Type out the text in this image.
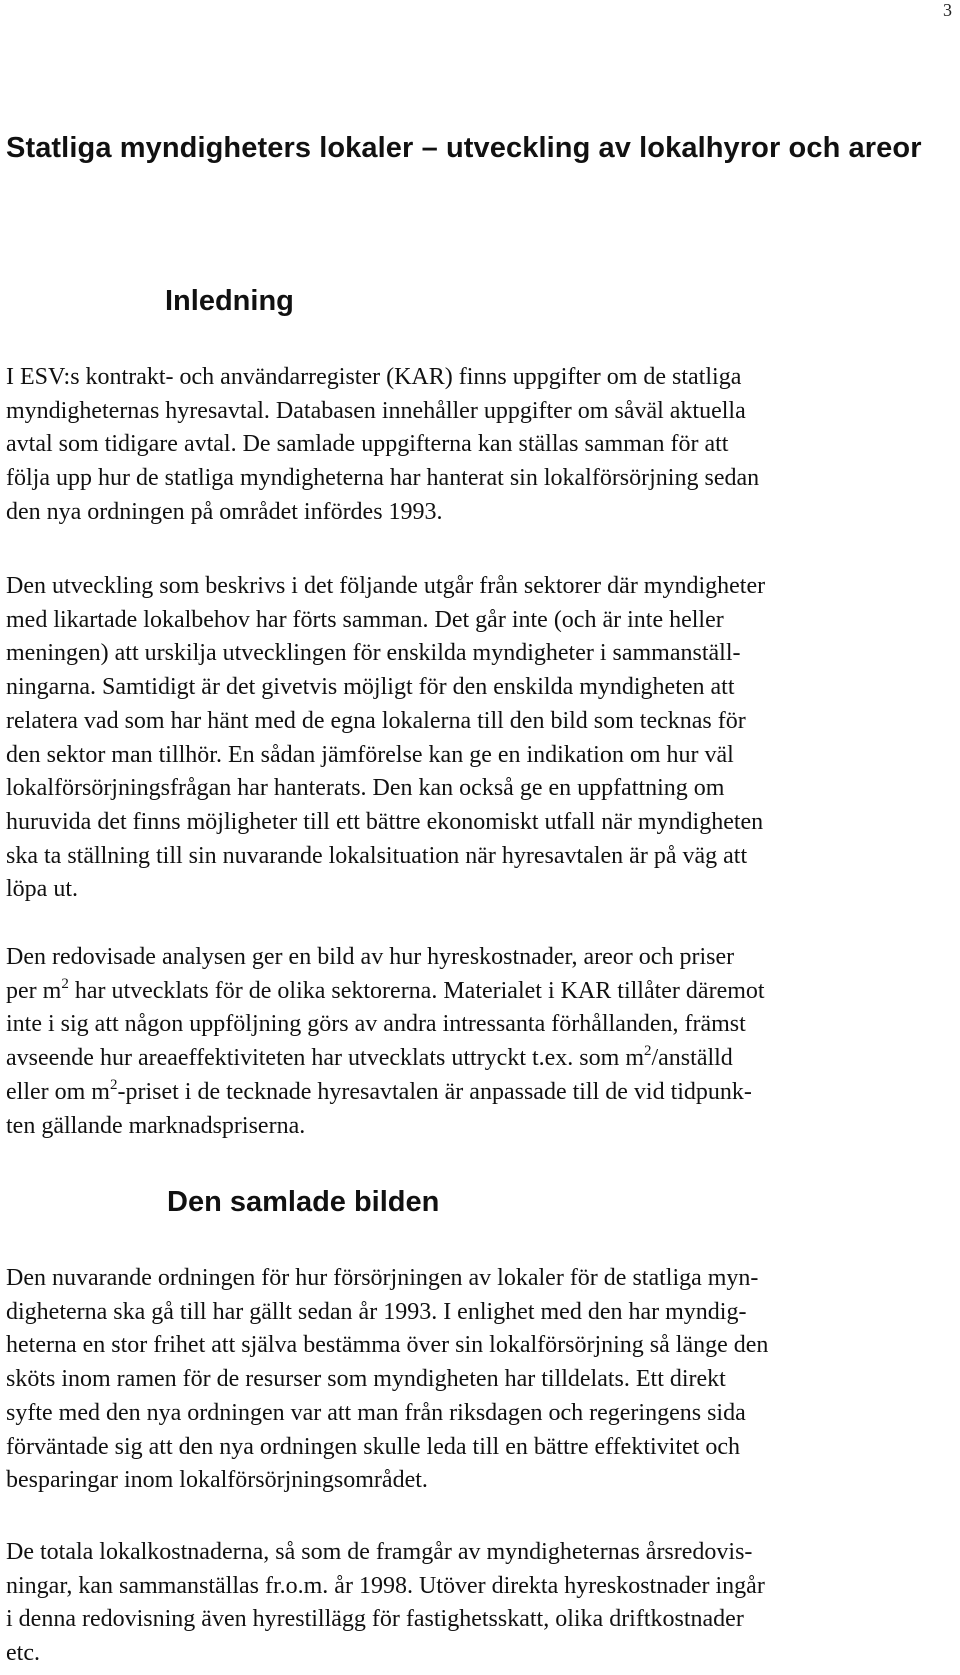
3

Statliga myndigheters lokaler – utveckling av lokalhyror och areor
Inledning

I ESV:s kontrakt- och användarregister (KAR) finns uppgifter om de statliga
myndigheternas hyresavtal. Databasen innehåller uppgifter om såväl aktuella
avtal som tidigare avtal. De samlade uppgifterna kan ställas samman för att
följa upp hur de statliga myndigheterna har hanterat sin lokalförsörjning sedan
den nya ordningen på området infördes 1993.

Den utveckling som beskrivs i det följande utgår från sektorer där myndigheter
med likartade lokalbehov har förts samman. Det går inte (och är inte heller
meningen) att urskilja utvecklingen för enskilda myndigheter i sammanställ-
ningarna. Samtidigt är det givetvis möjligt för den enskilda myndigheten att
relatera vad som har hänt med de egna lokalerna till den bild som tecknas för
den sektor man tillhör. En sådan jämförelse kan ge en indikation om hur väl
lokalförsörjningsfrågan har hanterats. Den kan också ge en uppfattning om
huruvida det finns möjligheter till ett bättre ekonomiskt utfall när myndigheten
ska ta ställning till sin nuvarande lokalsituation när hyresavtalen är på väg att
löpa ut.

Den redovisade analysen ger en bild av hur hyreskostnader, areor och priser
per $m^2$ har utvecklats för de olika sektorerna. Materialet i KAR tillåter däremot
inte i sig att någon uppföljning görs av andra intressanta förhållanden, främst
avseende hur areaeffektiviteten har utvecklats uttryckt t.ex. som $m^2$/anställd
eller om $m^2$-priset i de tecknade hyresavtalen är anpassade till de vid tidpunk-
ten gällande marknadspriserna.

Den samlade bilden

Den nuvarande ordningen för hur försörjningen av lokaler för de statliga myn-
digheterna ska gå till har gällt sedan år 1993. I enlighet med den har myndig-
heterna en stor frihet att själva bestämma över sin lokalförsörjning så länge den
sköts inom ramen för de resurser som myndigheten har tilldelats. Ett direkt
syfte med den nya ordningen var att man från riksdagen och regeringens sida
förväntade sig att den nya ordningen skulle leda till en bättre effektivitet och
besparingar inom lokalförsörjningsområdet.

De totala lokalkostnaderna, så som de framgår av myndigheternas årsredovis-
ningar, kan sammanställas fr.o.m. år 1998. Utöver direkta hyreskostnader ingår
i denna redovisning även hyrestillägg för fastighetsskatt, olika driftkostnader
etc.
